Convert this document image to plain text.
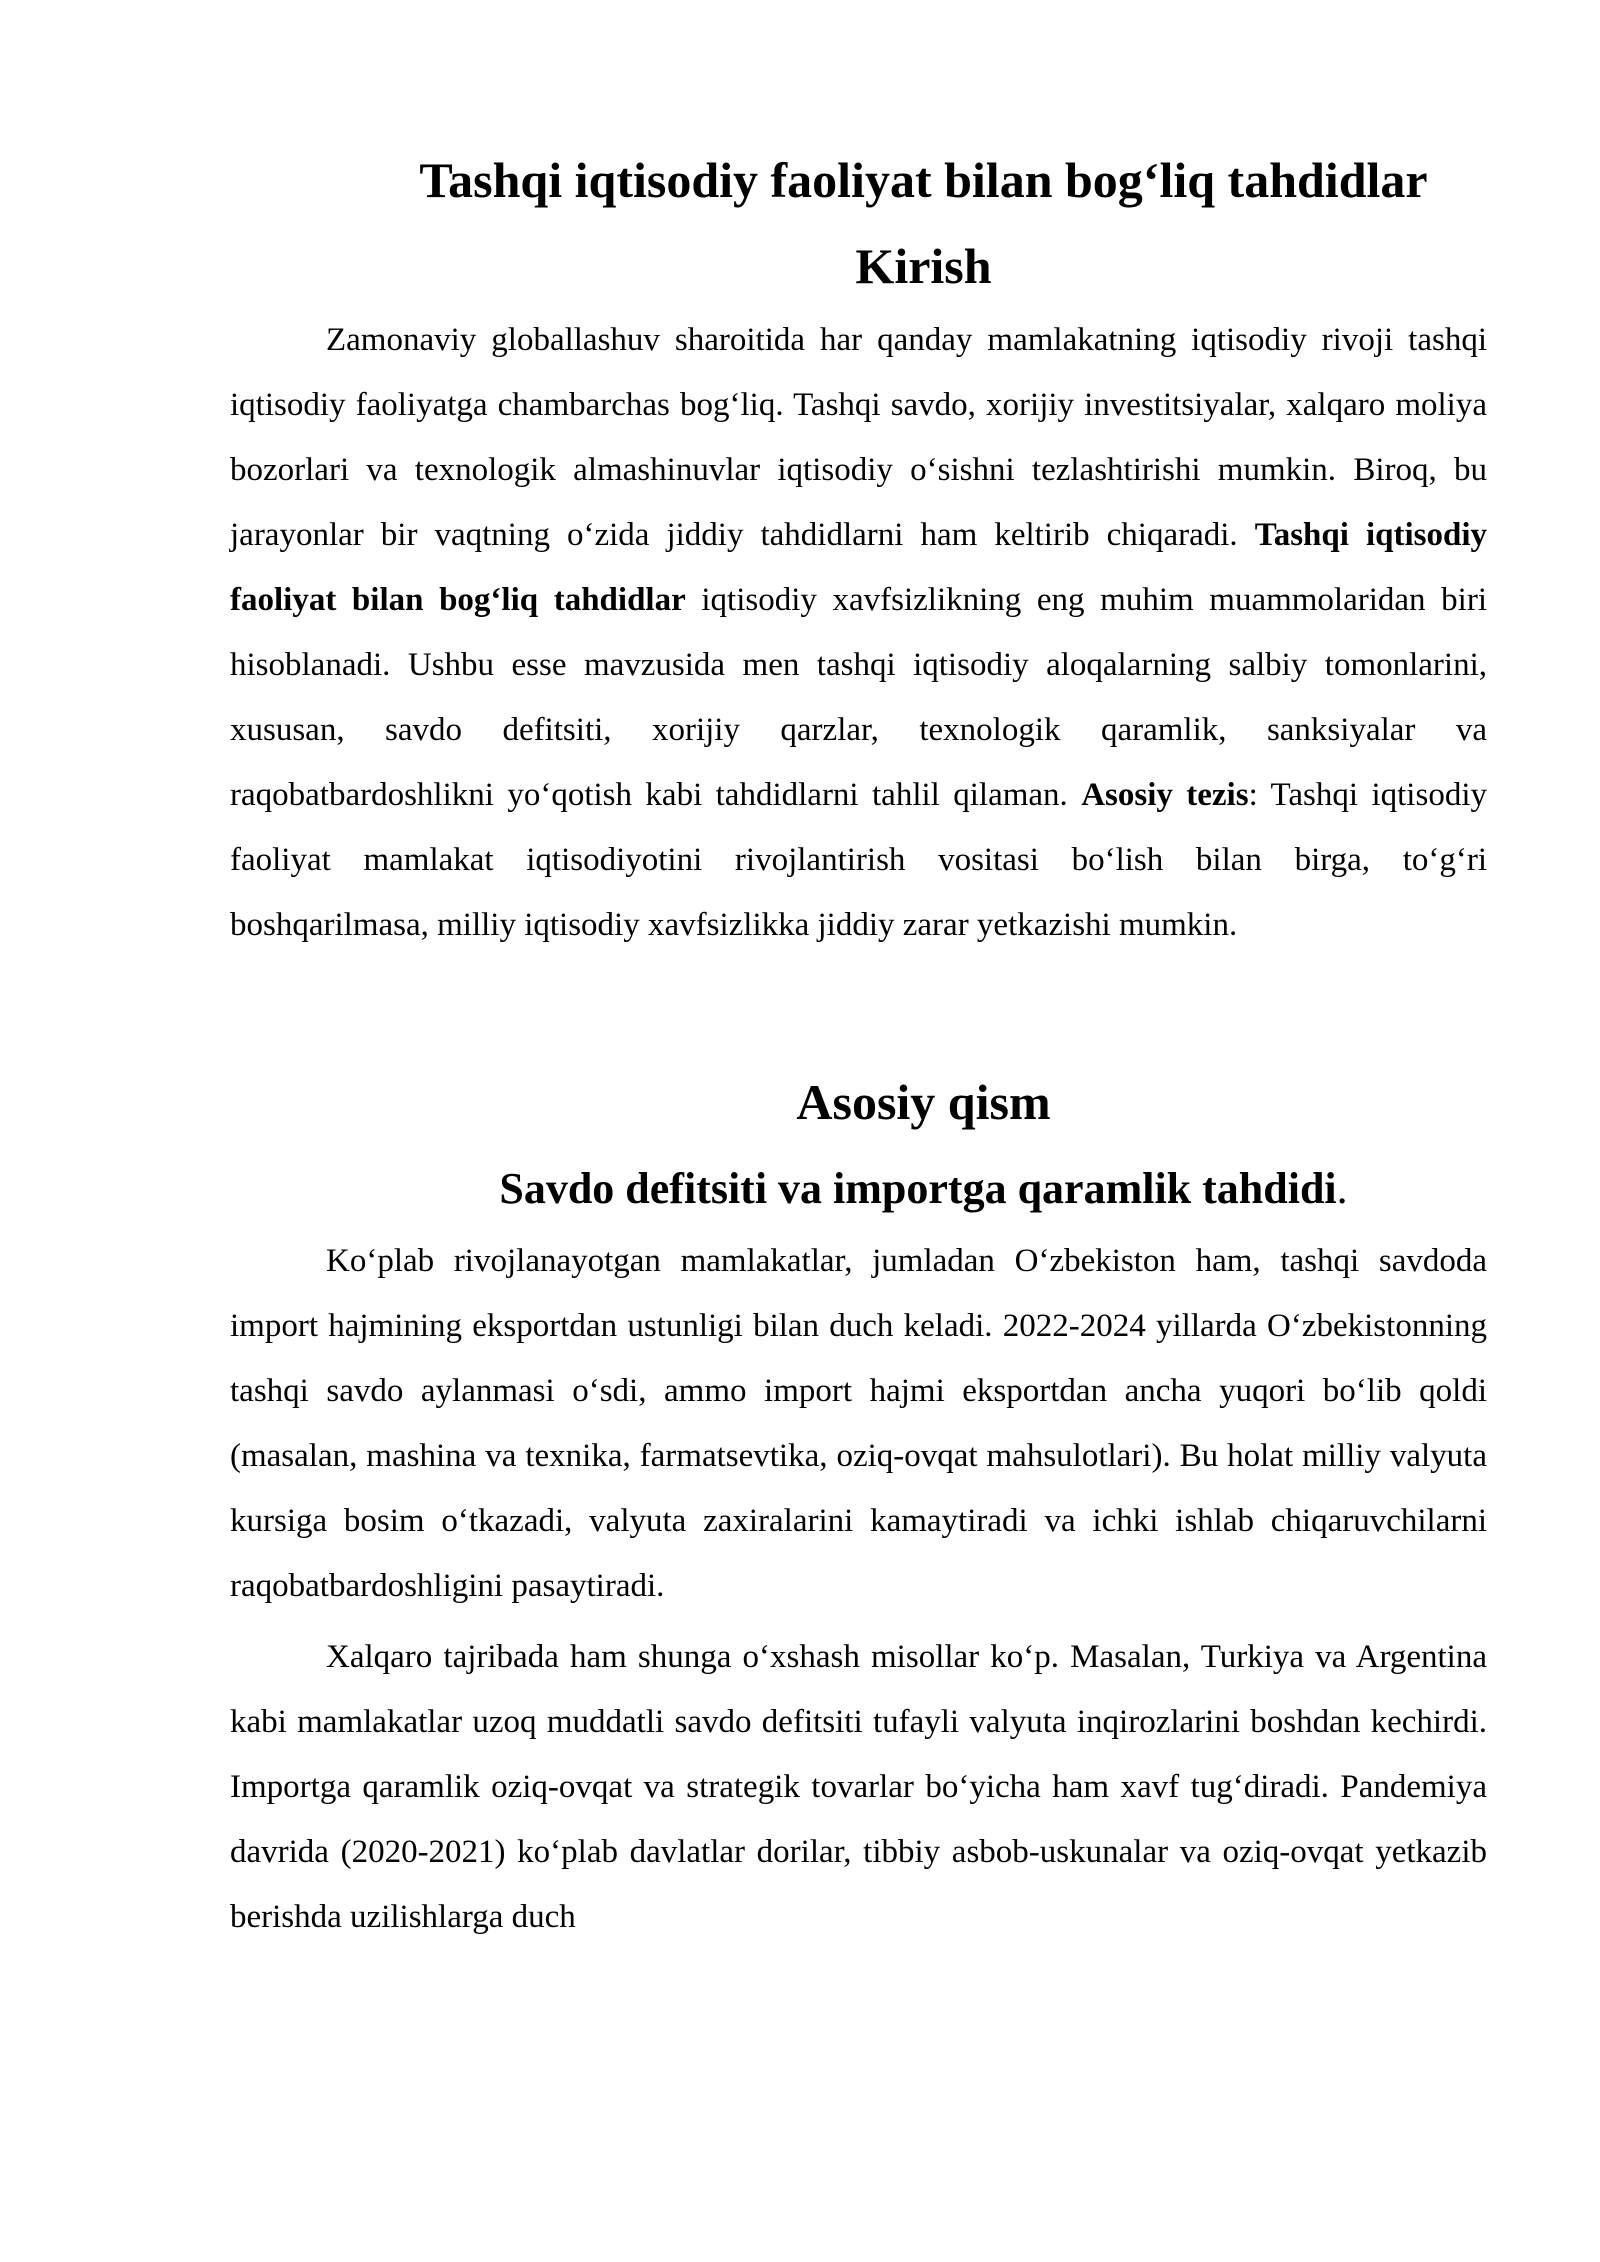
Tashqi iqtisodiy faoliyat bilan bog‘liq tahdidlar
Kirish

Zamonaviy globallashuv sharoitida har qanday mamlakatning iqtisodiy rivoji tashqi iqtisodiy faoliyatga chambarchas bog‘liq. Tashqi savdo, xorijiy investitsiyalar, xalqaro moliya bozorlari va texnologik almashinuvlar iqtisodiy o‘sishni tezlashtirishi mumkin. Biroq, bu jarayonlar bir vaqtning o‘zida jiddiy tahdidlarni ham keltirib chiqaradi. Tashqi iqtisodiy faoliyat bilan bog‘liq tahdidlar iqtisodiy xavfsizlikning eng muhim muammolaridan biri hisoblanadi. Ushbu esse mavzusida men tashqi iqtisodiy aloqalarning salbiy tomonlarini, xususan, savdo defitsiti, xorijiy qarzlar, texnologik qaramlik, sanksiyalar va raqobatbardoshlikni yo‘qotish kabi tahdidlarni tahlil qilaman. Asosiy tezis: Tashqi iqtisodiy faoliyat mamlakat iqtisodiyotini rivojlantirish vositasi bo‘lish bilan birga, to‘g‘ri boshqarilmasa, milliy iqtisodiy xavfsizlikka jiddiy zarar yetkazishi mumkin.

Asosiy qism
Savdo defitsiti va importga qaramlik tahdidi.

Ko‘plab rivojlanayotgan mamlakatlar, jumladan O‘zbekiston ham, tashqi savdoda import hajmining eksportdan ustunligi bilan duch keladi. 2022-2024 yillarda O‘zbekistonning tashqi savdo aylanmasi o‘sdi, ammo import hajmi eksportdan ancha yuqori bo‘lib qoldi (masalan, mashina va texnika, farmatsevtika, oziq-ovqat mahsulotlari). Bu holat milliy valyuta kursiga bosim o‘tkazadi, valyuta zaxiralarini kamaytiradi va ichki ishlab chiqaruvchilarni raqobatbardoshligini pasaytiradi.

Xalqaro tajribada ham shunga o‘xshash misollar ko‘p. Masalan, Turkiya va Argentina kabi mamlakatlar uzoq muddatli savdo defitsiti tufayli valyuta inqirozlarini boshdan kechirdi. Importga qaramlik oziq-ovqat va strategik tovarlar bo‘yicha ham xavf tug‘diradi. Pandemiya davrida (2020-2021) ko‘plab davlatlar dorilar, tibbiy asbob-uskunalar va oziq-ovqat yetkazib berishda uzilishlarga duch
